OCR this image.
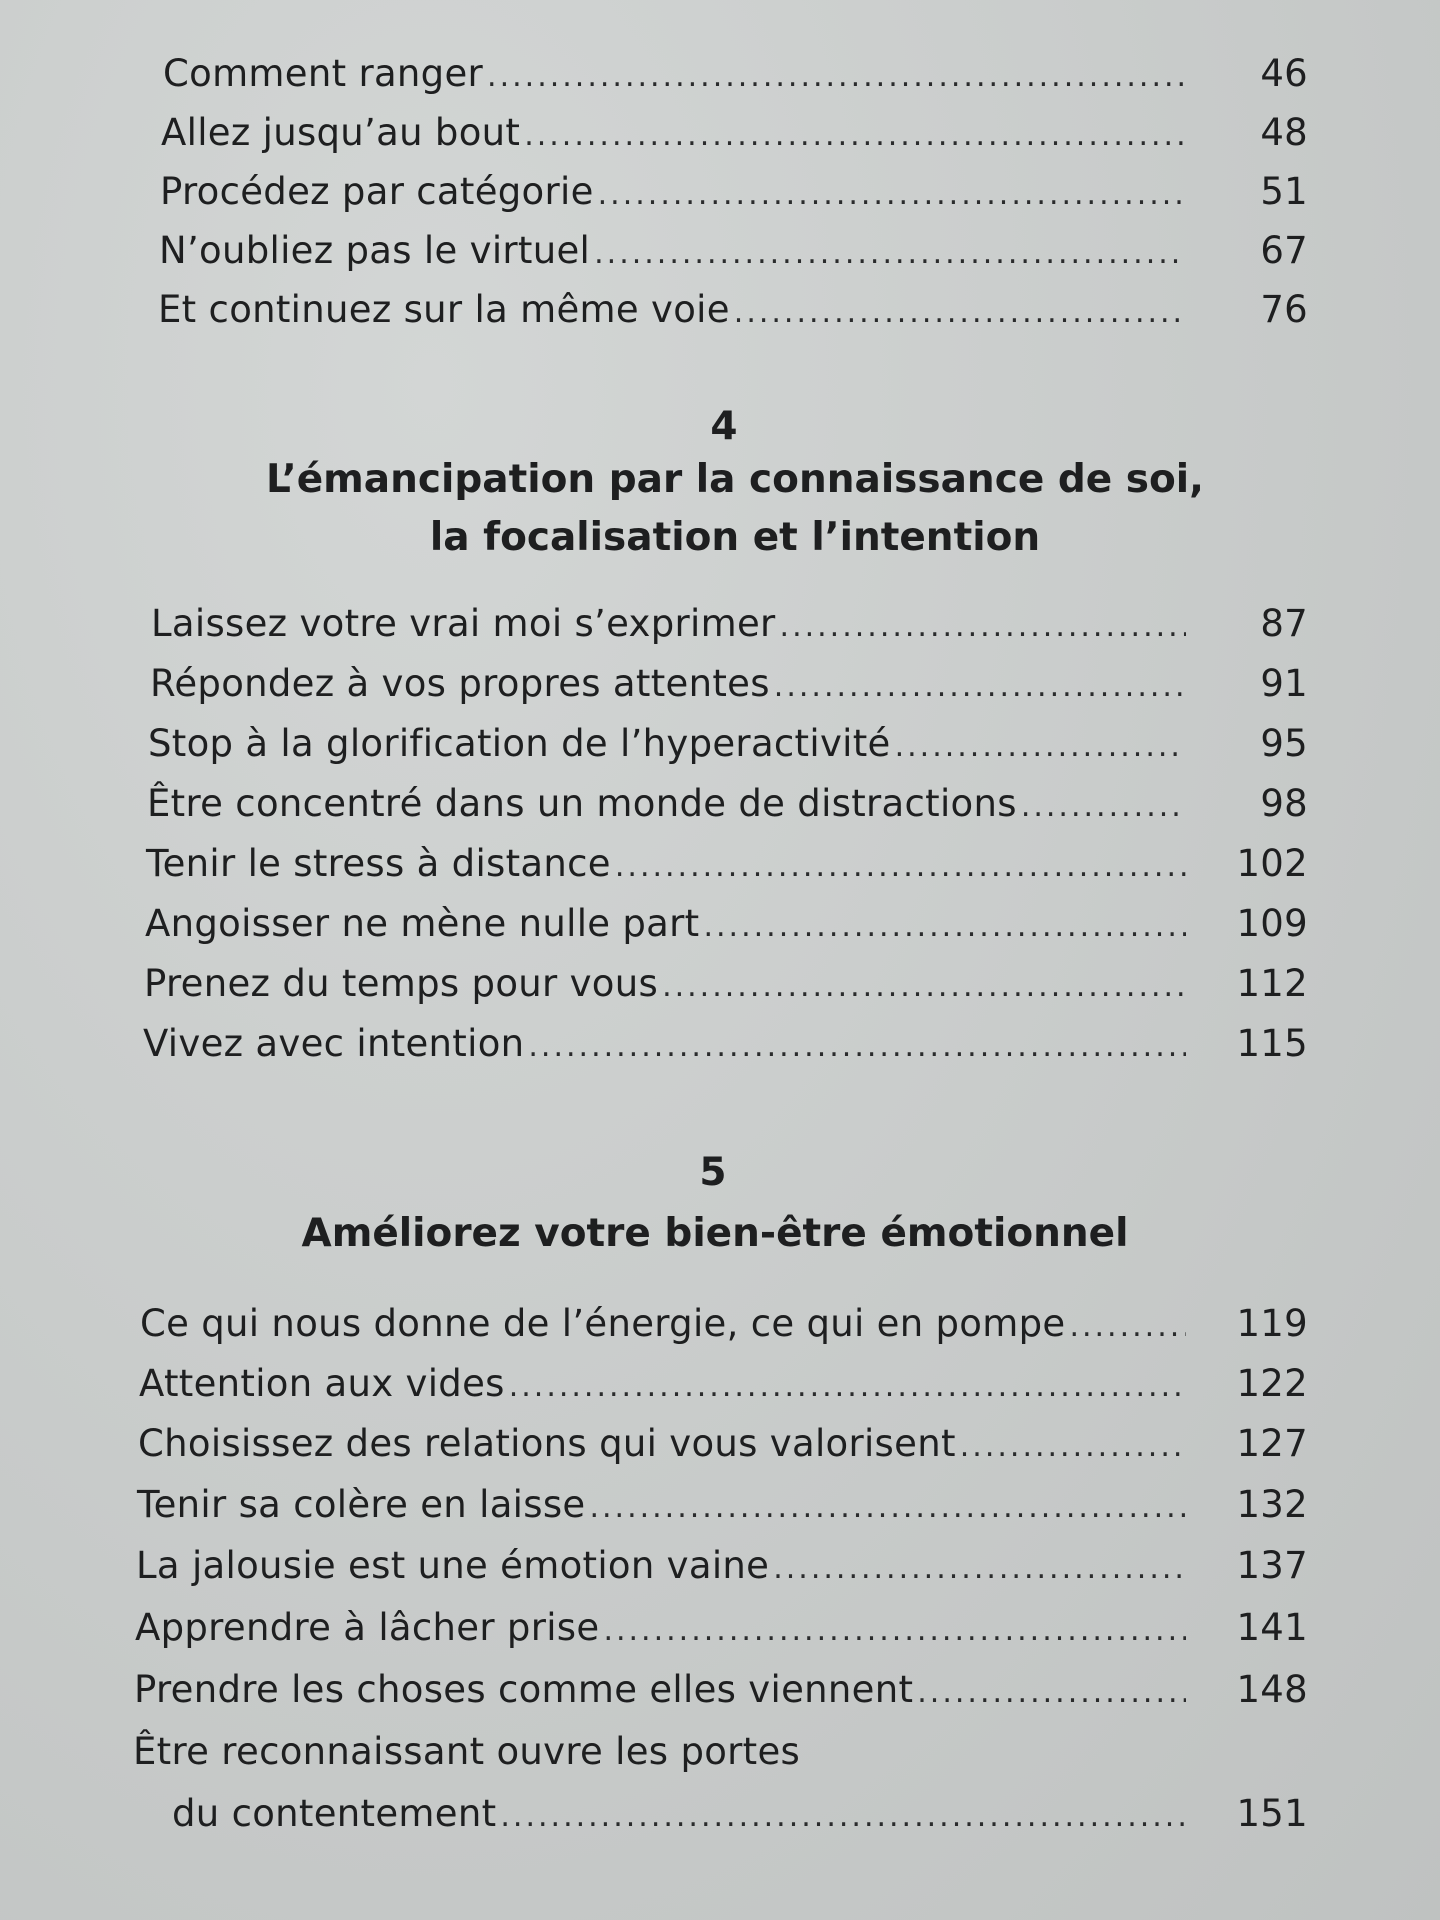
Comment ranger .....	46
Allez jusqu’au bout .....	48
Procédez par catégorie .....	51
N’oubliez pas le virtuel .....	67
Et continuez sur la même voie .....	76
4
L’émancipation par la connaissance de soi,
la focalisation et l’intention
Laissez votre vrai moi s’exprimer .....	87
Répondez à vos propres attentes .....	91
Stop à la glorification de l’hyperactivité .....	95
Être concentré dans un monde de distractions .....	98
Tenir le stress à distance .....	102
Angoisser ne mène nulle part .....	109
Prenez du temps pour vous .....	112
Vivez avec intention .....	115
5
Améliorez votre bien-être émotionnel
Ce qui nous donne de l’énergie, ce qui en pompe .....	119
Attention aux vides .....	122
Choisissez des relations qui vous valorisent .....	127
Tenir sa colère en laisse .....	132
La jalousie est une émotion vaine .....	137
Apprendre à lâcher prise .....	141
Prendre les choses comme elles viennent .....	148
Être reconnaissant ouvre les portes
du contentement .....	151
